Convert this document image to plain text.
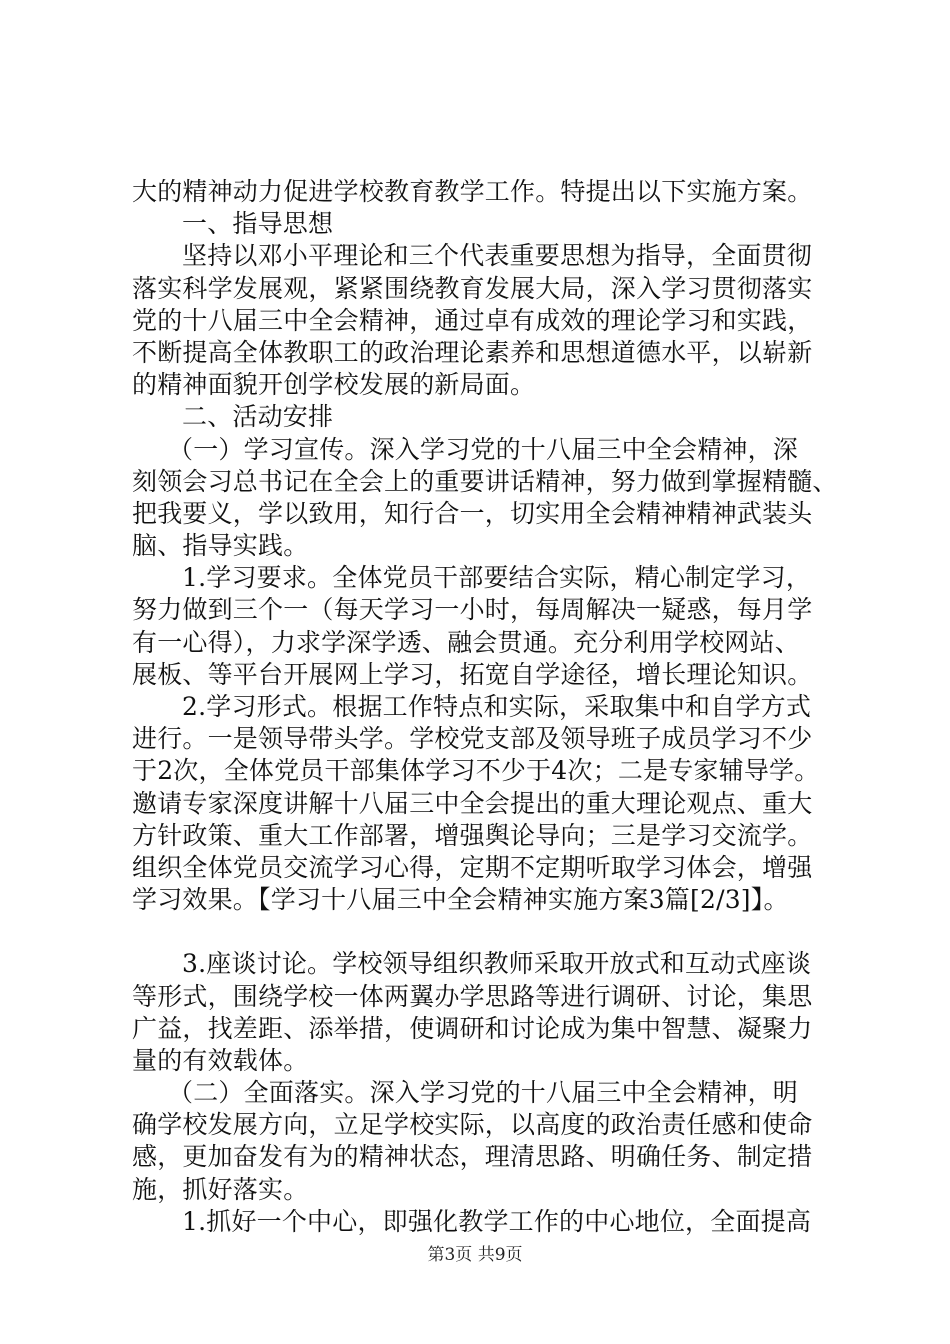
大的精神动力促进学校教育教学工作。特提出以下实施方案。
一、指导思想
坚持以邓小平理论和三个代表重要思想为指导，全面贯彻
落实科学发展观，紧紧围绕教育发展大局，深入学习贯彻落实
党的十八届三中全会精神，通过卓有成效的理论学习和实践，
不断提高全体教职工的政治理论素养和思想道德水平，以崭新
的精神面貌开创学校发展的新局面。
二、活动安排
（一）学习宣传。深入学习党的十八届三中全会精神，深
刻领会习总书记在全会上的重要讲话精神，努力做到掌握精髓、
把我要义，学以致用，知行合一，切实用全会精神精神武装头
脑、指导实践。
1.学习要求。全体党员干部要结合实际，精心制定学习，
努力做到三个一（每天学习一小时，每周解决一疑惑，每月学
有一心得），力求学深学透、融会贯通。充分利用学校网站、
展板、等平台开展网上学习，拓宽自学途径，增长理论知识。
2.学习形式。根据工作特点和实际，采取集中和自学方式
进行。一是领导带头学。学校党支部及领导班子成员学习不少
于2次，全体党员干部集体学习不少于4次；二是专家辅导学。
邀请专家深度讲解十八届三中全会提出的重大理论观点、重大
方针政策、重大工作部署，增强舆论导向；三是学习交流学。
组织全体党员交流学习心得，定期不定期听取学习体会，增强
学习效果。【学习十八届三中全会精神实施方案3篇[2/3]】。
3.座谈讨论。学校领导组织教师采取开放式和互动式座谈
等形式，围绕学校一体两翼办学思路等进行调研、讨论，集思
广益，找差距、添举措，使调研和讨论成为集中智慧、凝聚力
量的有效载体。
（二）全面落实。深入学习党的十八届三中全会精神，明
确学校发展方向，立足学校实际，以高度的政治责任感和使命
感，更加奋发有为的精神状态，理清思路、明确任务、制定措
施，抓好落实。
1.抓好一个中心，即强化教学工作的中心地位，全面提高
第3页 共9页
